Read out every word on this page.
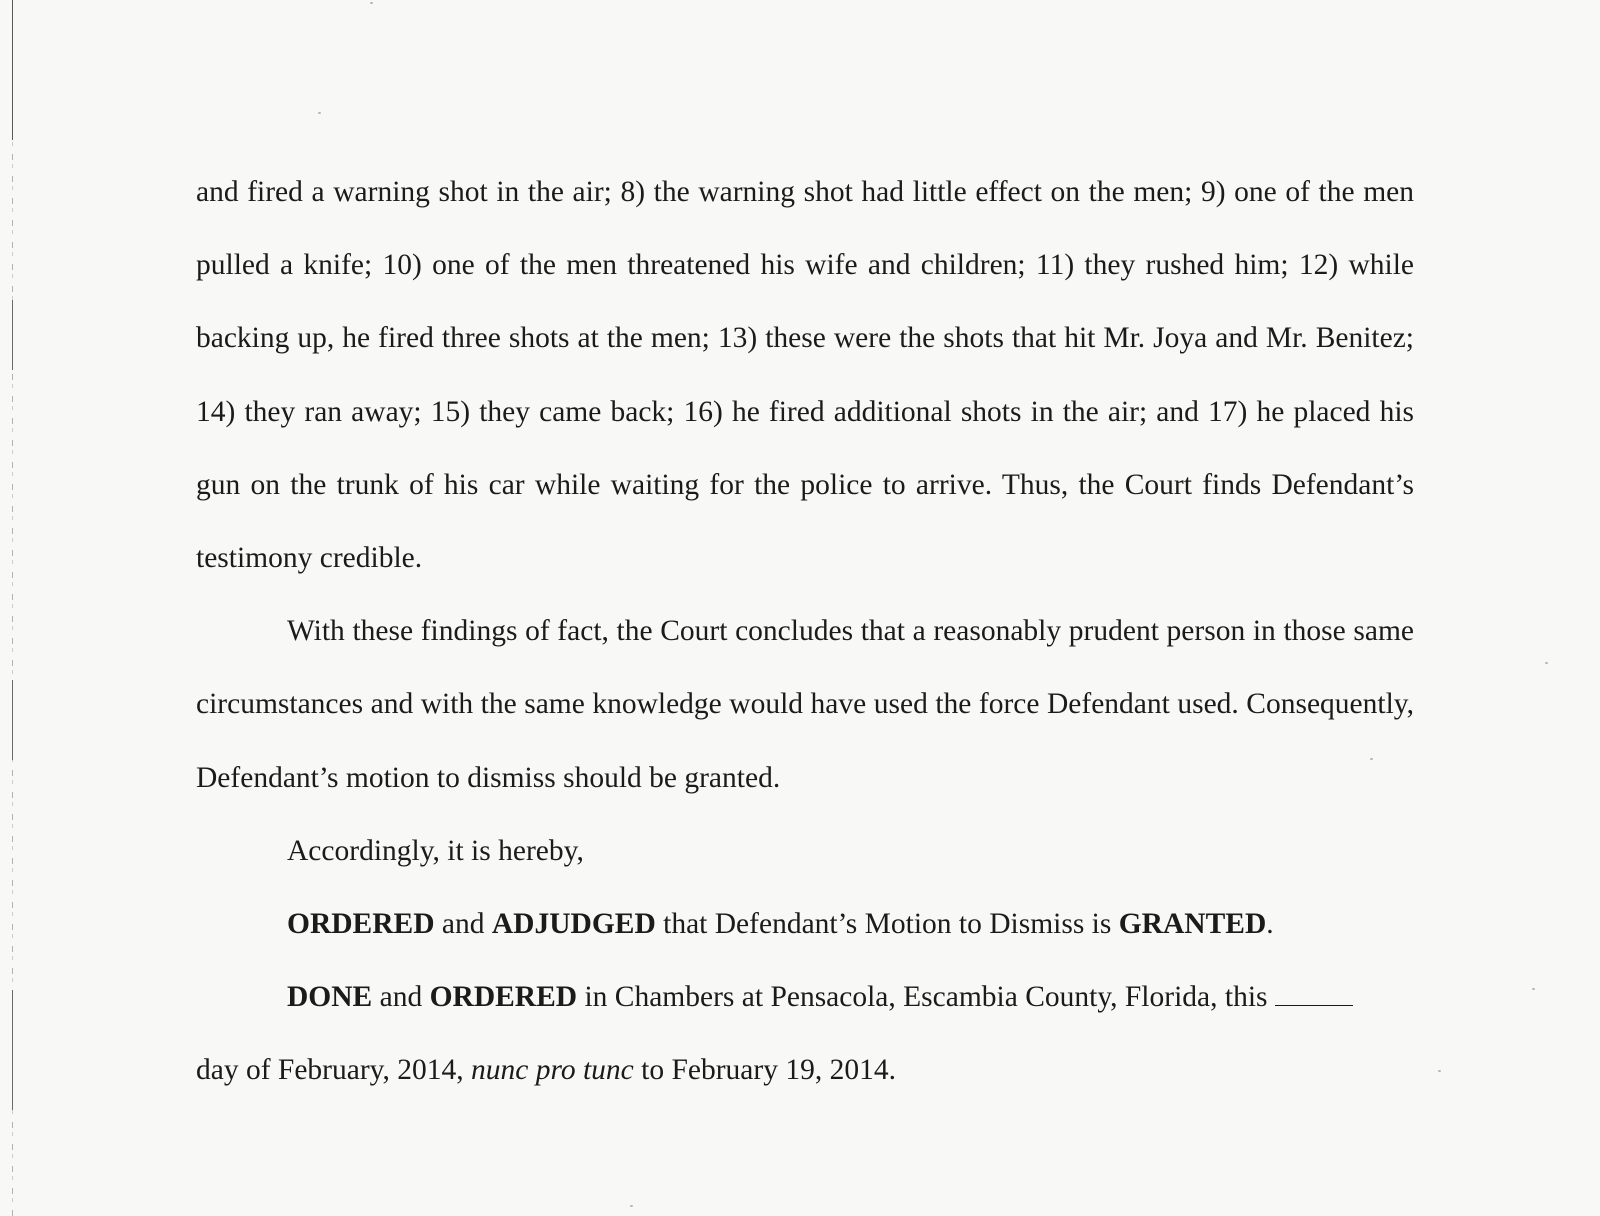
and fired a warning shot in the air; 8) the warning shot had little effect on the men; 9) one of the men pulled a knife; 10) one of the men threatened his wife and children; 11) they rushed him; 12) while backing up, he fired three shots at the men; 13) these were the shots that hit Mr. Joya and Mr. Benitez; 14) they ran away; 15) they came back; 16) he fired additional shots in the air; and 17) he placed his gun on the trunk of his car while waiting for the police to arrive. Thus, the Court finds Defendant’s testimony credible.

With these findings of fact, the Court concludes that a reasonably prudent person in those same circumstances and with the same knowledge would have used the force Defendant used. Consequently, Defendant’s motion to dismiss should be granted.

Accordingly, it is hereby,

ORDERED and ADJUDGED that Defendant’s Motion to Dismiss is GRANTED.

DONE and ORDERED in Chambers at Pensacola, Escambia County, Florida, this

day of February, 2014, nunc pro tunc to February 19, 2014.
